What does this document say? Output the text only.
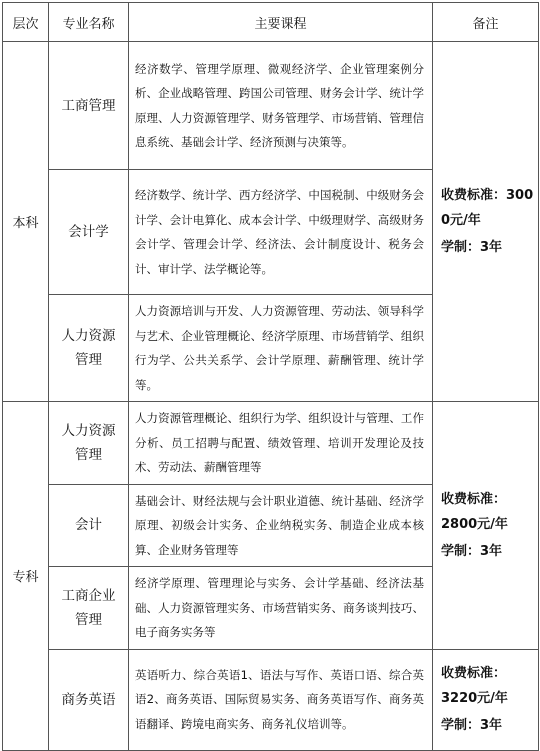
层次	专业名称	主要课程	备注
本科	工商管理	经济数学、管理学原理、微观经济学、企业管理案例分析、企业战略管理、跨国公司管理、财务会计学、统计学原理、人力资源管理学、财务管理学、市场营销、管理信息系统、基础会计学、经济预测与决策等。	收费标准：3000元/年
学制：3年

	会计学	经济数学、统计学、西方经济学、中国税制、中级财务会计学、会计电算化、成本会计学、中级理财学、高级财务会计学、管理会计学、经济法、会计制度设计、税务会计、审计学、法学概论等。	
	人力资源管理	人力资源培训与开发、人力资源管理、劳动法、领导科学与艺术、企业管理概论、经济学原理、市场营销学、组织行为学、公共关系学、会计学原理、薪酬管理、统计学等。	
专科	人力资源管理	人力资源管理概论、组织行为学、组织设计与管理、工作分析、员工招聘与配置、绩效管理、培训开发理论及技术、劳动法、薪酬管理等	收费标准：2800元/年
学制：3年

	会计	基础会计、财经法规与会计职业道德、统计基础、经济学原理、初级会计实务、企业纳税实务、制造企业成本核算、企业财务管理等	
	工商企业管理	经济学原理、管理理论与实务、会计学基础、经济法基础、人力资源管理实务、市场营销实务、商务谈判技巧、电子商务实务等	
	商务英语	英语听力、综合英语1、语法与写作、英语口语、综合英语2、商务英语、国际贸易实务、商务英语写作、商务英语翻译、跨境电商实务、商务礼仪培训等。	收费标准：3220元/年
学制：3年
